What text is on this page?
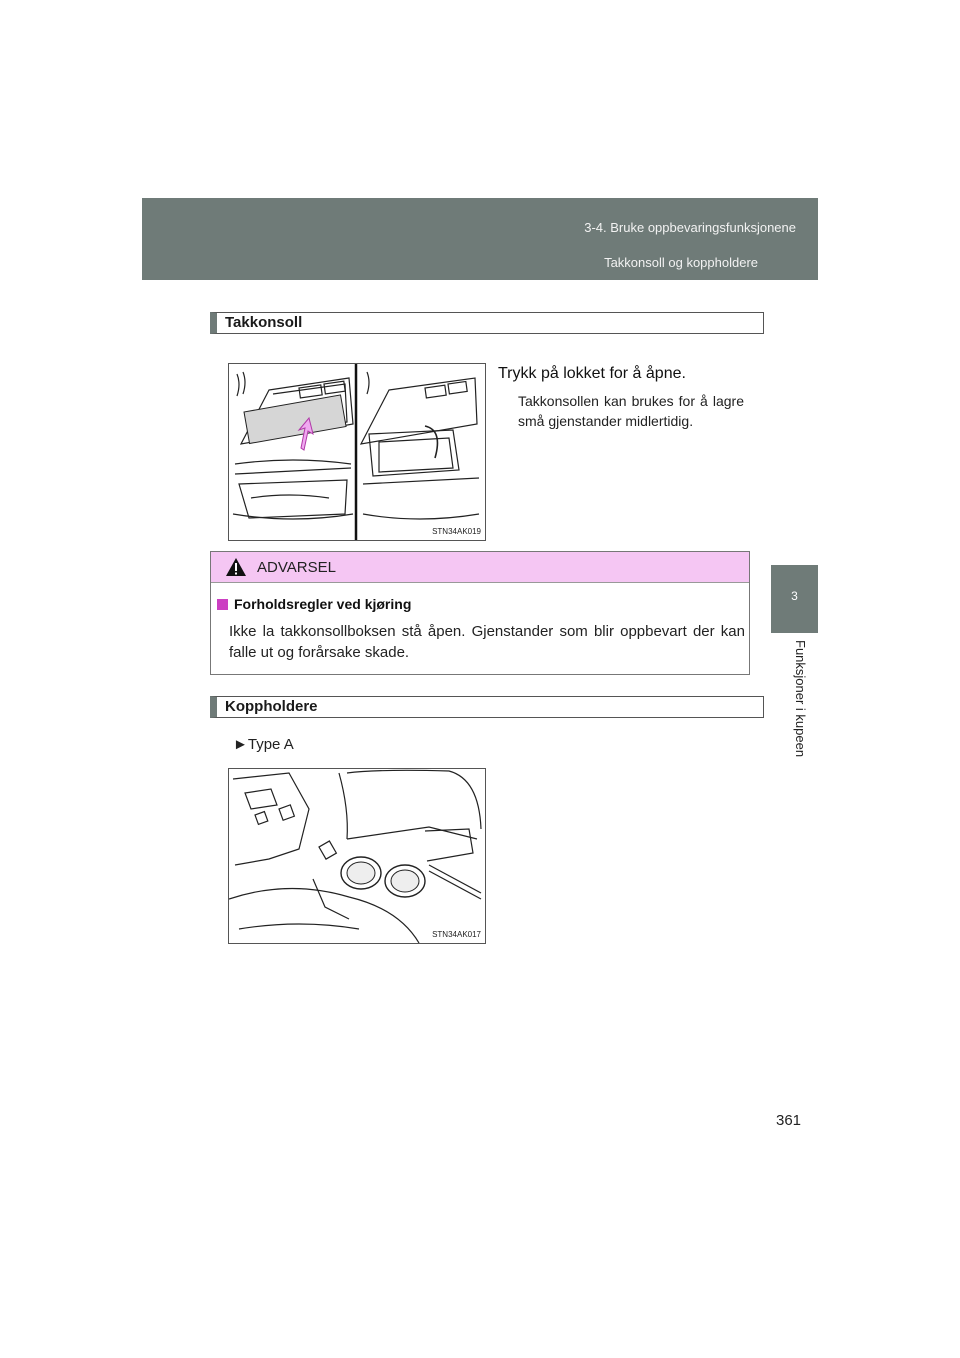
3-4. Bruke oppbevaringsfunksjonene
Takkonsoll og koppholdere
3
Funksjoner i kupeen
Takkonsoll
STN34AK019
Trykk på lokket for å åpne.
Takkonsollen kan brukes for å lagre små gjenstander midlertidig.
ADVARSEL
Forholdsregler ved kjøring
Ikke la takkonsollboksen stå åpen. Gjenstander som blir oppbevart der kan falle ut og forårsake skade.
Koppholdere
►Type A
STN34AK017
361
